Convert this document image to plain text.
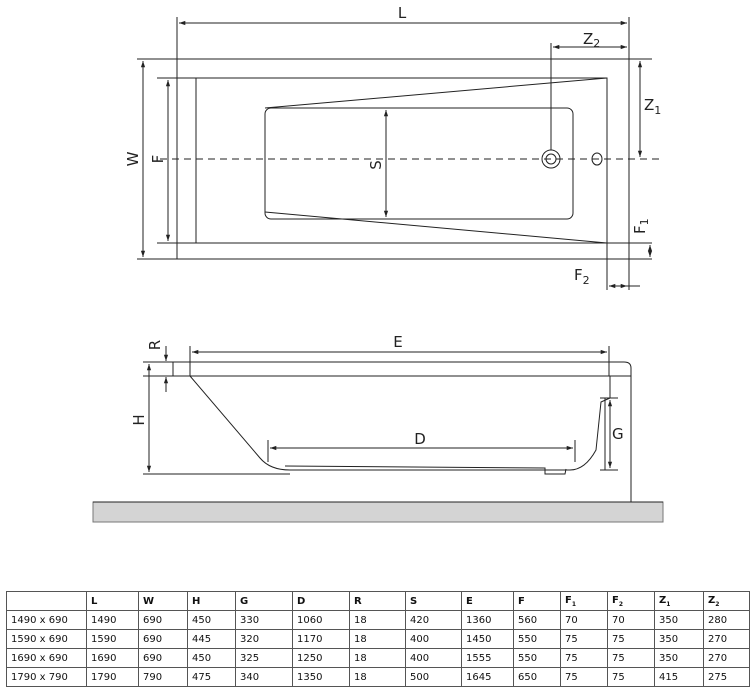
L
$Z_2$
W F
S
$Z_1$
$F_1$
$F_2$
R
H
E
D	G
	L	W	H	G	D	R	S	E	F	$F_1$	$F_2$	$Z_1$	$Z_2$
1490 x 690	1490	690	450	330	1060	18	420	1360	560	70	70	350	280
1590 x 690	1590	690	445	320	1170	18	400	1450	550	75	75	350	270
1690 x 690	1690	690	450	325	1250	18	400	1555	550	75	75	350	270
1790 x 790	1790	790	475	340	1350	18	500	1645	650	75	75	415	275
